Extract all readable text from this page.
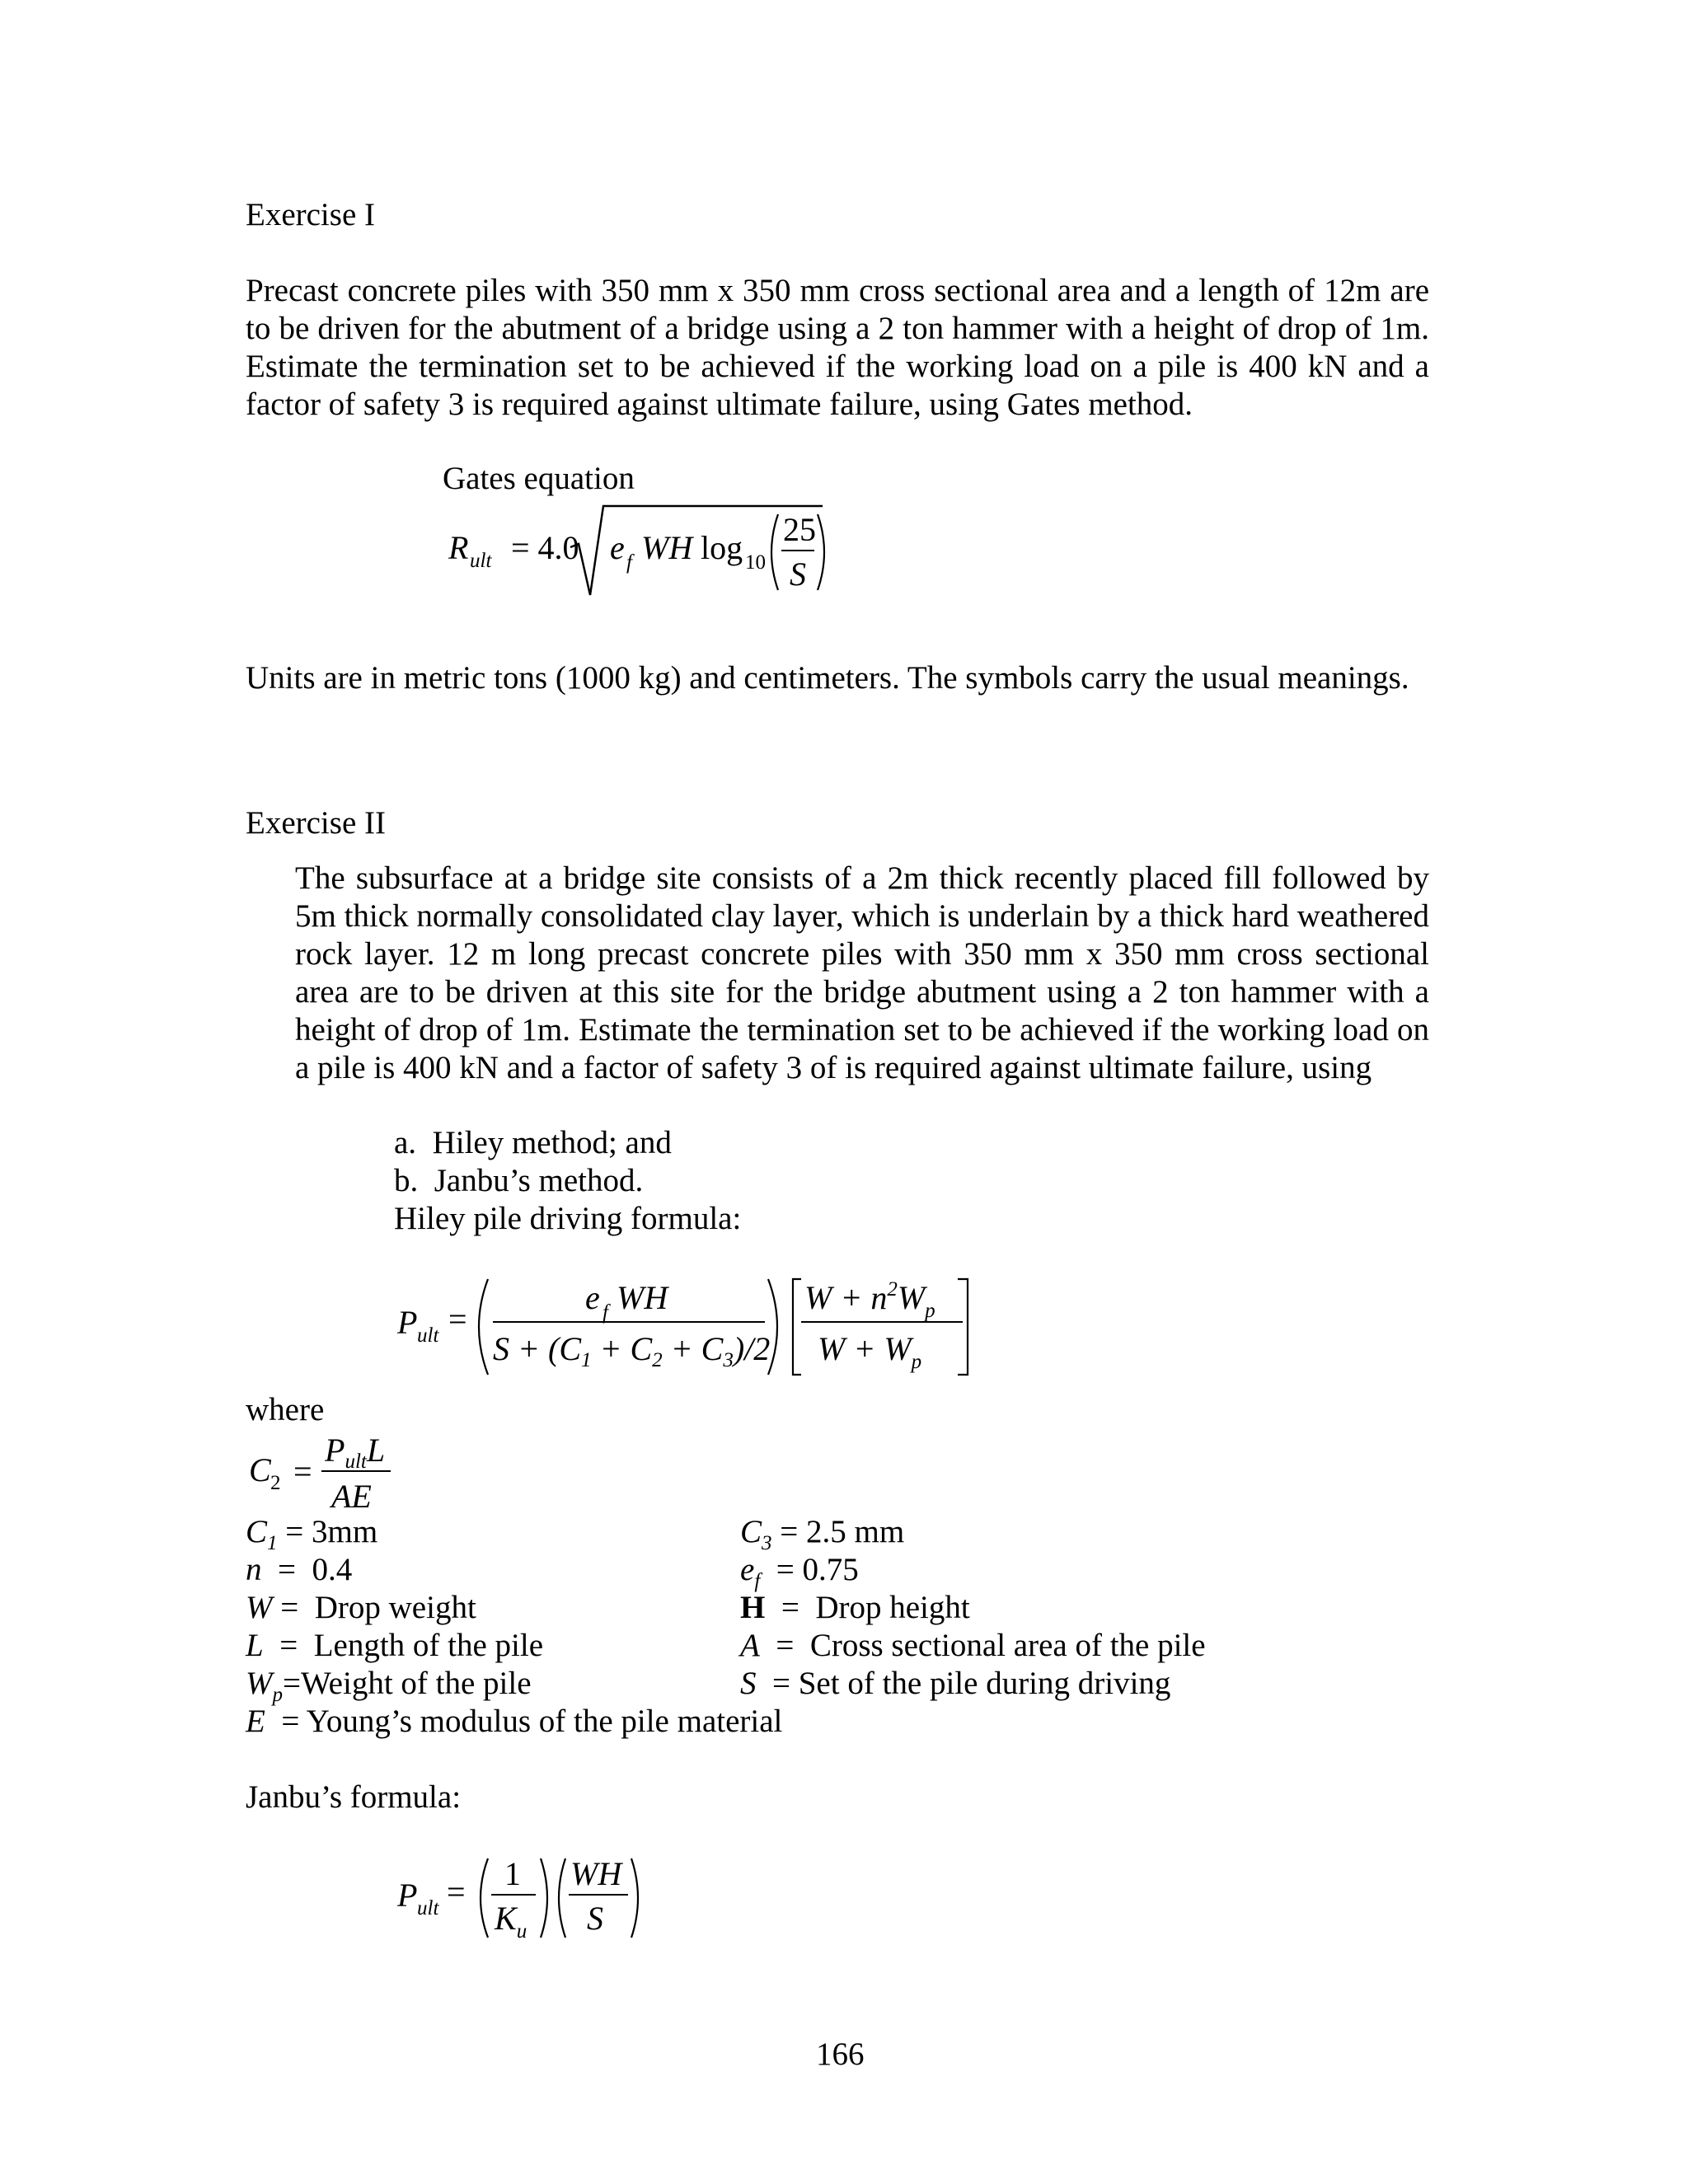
Exercise I
Precast concrete piles with 350 mm x 350 mm cross sectional area and a length of 12m are to be driven for the abutment of a bridge using a 2 ton hammer with a height of drop of 1m. Estimate the termination set to be achieved if the working load on a pile is 400 kN and a factor of safety 3 is required against ultimate failure, using Gates method.
Gates equation
R ult = 4.0 e f WH log 10
25
S
Units are in metric tons (1000 kg) and centimeters. The symbols carry the usual meanings.
Exercise II
The subsurface at a bridge site consists of a 2m thick recently placed fill followed by 5m thick normally consolidated clay layer, which is underlain by a thick hard weathered rock layer. 12 m long precast concrete piles with 350 mm x 350 mm cross sectional area are to be driven at this site for the bridge abutment using a 2 ton hammer with a height of drop of 1m. Estimate the termination set to be achieved if the working load on a pile is 400 kN and a factor of safety 3 of is required against ultimate failure, using
a. Hiley method; and
b. Janbu’s method.
Hiley pile driving formula:
P ult =
e f WH
$S + (C_1 + C_2 + C_3)/2$
$W + n^2W_p$
$W + W_p$
where
C 2 =
$P_{ult}L$
AE
$C_1 = 3mm$
n  =  0.4
W =  Drop weight
L  =  Length of the pile
$W_p=Weight$ of the pile
E  = Young’s modulus of the pile material
$C_3 = 2.5$ mm
$e_f = 0.75$
H  =  Drop height
A  =  Cross sectional area of the pile
S  = Set of the pile during driving
Janbu’s formula:
P ult = 1
$K_u$
WH
S
166
